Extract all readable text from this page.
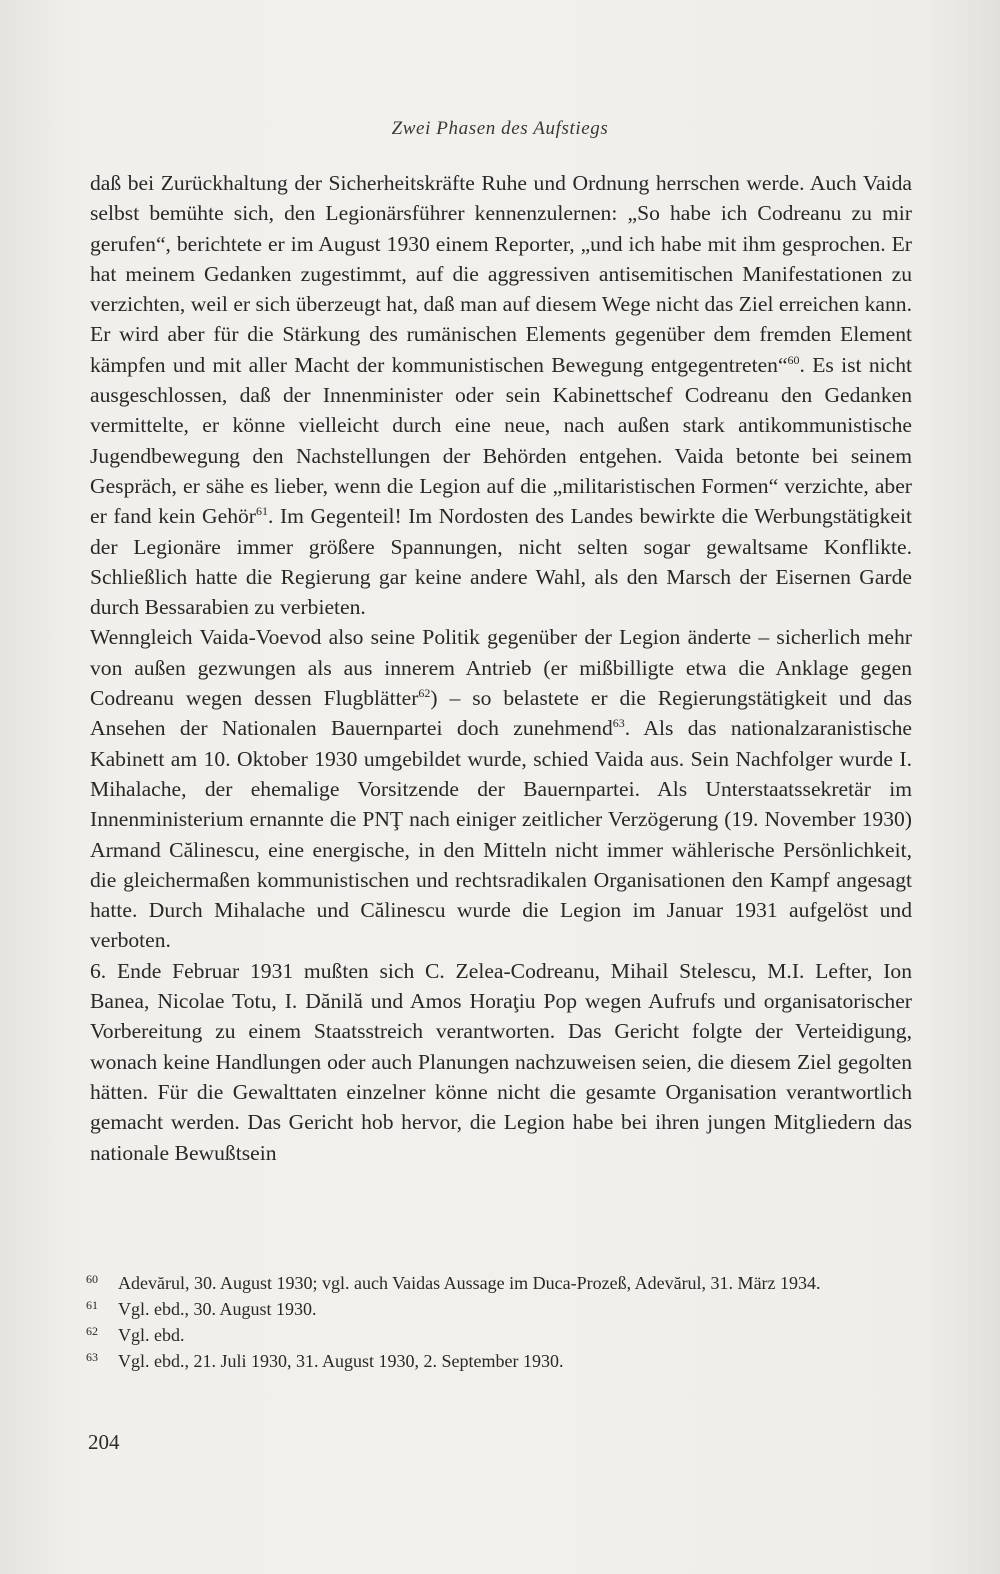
Zwei Phasen des Aufstiegs

daß bei Zurückhaltung der Sicherheitskräfte Ruhe und Ordnung herrschen werde. Auch Vaida selbst bemühte sich, den Legionärsführer kennenzulernen: „So habe ich Codreanu zu mir gerufen“, berichtete er im August 1930 einem Reporter, „und ich habe mit ihm gesprochen. Er hat meinem Gedanken zugestimmt, auf die aggressiven antisemitischen Manifestationen zu verzichten, weil er sich überzeugt hat, daß man auf diesem Wege nicht das Ziel erreichen kann. Er wird aber für die Stärkung des rumänischen Elements gegenüber dem fremden Element kämpfen und mit aller Macht der kommunistischen Bewegung entgegentreten“$^{60}$. Es ist nicht ausgeschlossen, daß der Innenminister oder sein Kabinettschef Codreanu den Gedanken vermittelte, er könne vielleicht durch eine neue, nach außen stark antikommunistische Jugendbewegung den Nachstellungen der Behörden entgehen. Vaida betonte bei seinem Gespräch, er sähe es lieber, wenn die Legion auf die „militaristischen Formen“ verzichte, aber er fand kein Gehör$^{61}$. Im Gegenteil! Im Nordosten des Landes bewirkte die Werbungstätigkeit der Legionäre immer größere Spannungen, nicht selten sogar gewaltsame Konflikte. Schließlich hatte die Regierung gar keine andere Wahl, als den Marsch der Eisernen Garde durch Bessarabien zu verbieten.

Wenngleich Vaida-Voevod also seine Politik gegenüber der Legion änderte – sicherlich mehr von außen gezwungen als aus innerem Antrieb (er mißbilligte etwa die Anklage gegen Codreanu wegen dessen Flugblätter$^{62}$) – so belastete er die Regierungstätigkeit und das Ansehen der Nationalen Bauernpartei doch zunehmend$^{63}$. Als das nationalzaranistische Kabinett am 10. Oktober 1930 umgebildet wurde, schied Vaida aus. Sein Nachfolger wurde I. Mihalache, der ehemalige Vorsitzende der Bauernpartei. Als Unterstaatssekretär im Innenministerium ernannte die PNŢ nach einiger zeitlicher Verzögerung (19. November 1930) Armand Călinescu, eine energische, in den Mitteln nicht immer wählerische Persönlichkeit, die gleichermaßen kommunistischen und rechtsradikalen Organisationen den Kampf angesagt hatte. Durch Mihalache und Călinescu wurde die Legion im Januar 1931 aufgelöst und verboten.

6. Ende Februar 1931 mußten sich C. Zelea-Codreanu, Mihail Stelescu, M.I. Lefter, Ion Banea, Nicolae Totu, I. Dănilă und Amos Horaţiu Pop wegen Aufrufs und organisatorischer Vorbereitung zu einem Staatsstreich verantworten. Das Gericht folgte der Verteidigung, wonach keine Handlungen oder auch Planungen nachzuweisen seien, die diesem Ziel gegolten hätten. Für die Gewalttaten einzelner könne nicht die gesamte Organisation verantwortlich gemacht werden. Das Gericht hob hervor, die Legion habe bei ihren jungen Mitgliedern das nationale Bewußtsein

60 Adevărul, 30. August 1930; vgl. auch Vaidas Aussage im Duca-Prozeß, Adevărul, 31. März 1934.
61 Vgl. ebd., 30. August 1930.
62 Vgl. ebd.
63 Vgl. ebd., 21. Juli 1930, 31. August 1930, 2. September 1930.
204
